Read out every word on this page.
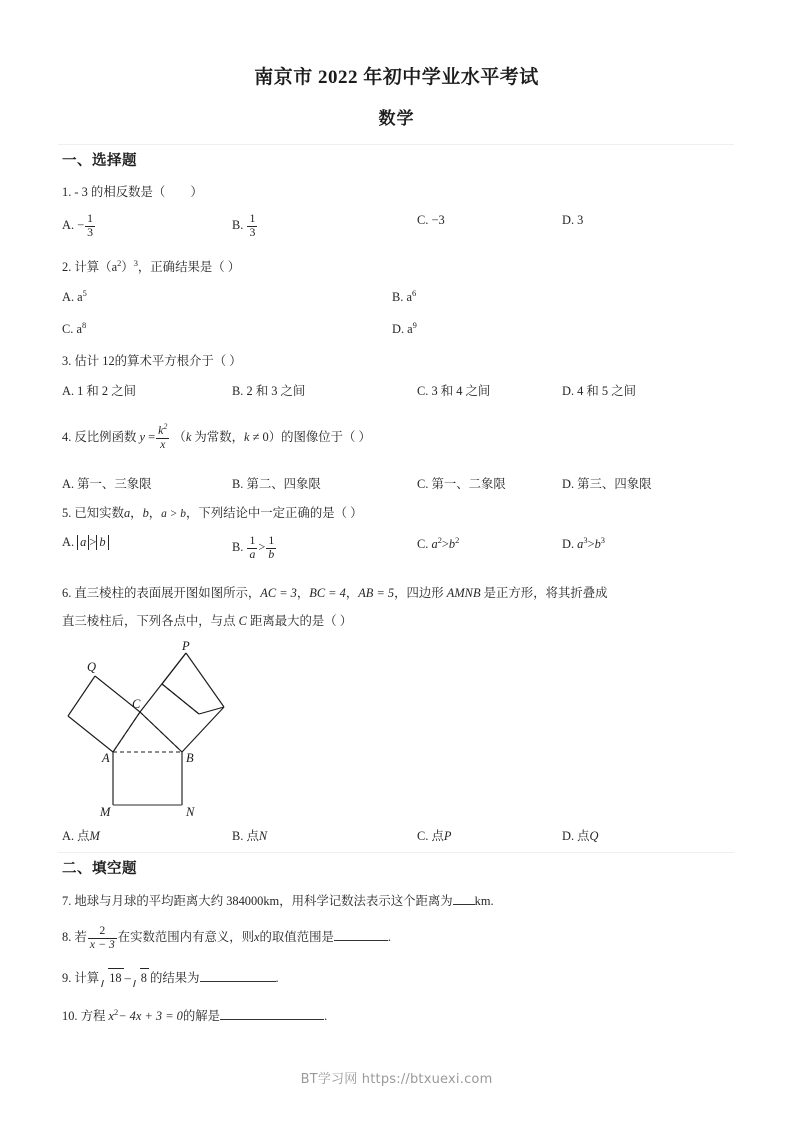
南京市 2022 年初中学业水平考试
数学
一、选择题
1. - 3 的相反数是（ ）
A. − $\frac{1}{3}$	B. $\frac{1}{3}$	C. −3	D. 3
2. 计算$(a^2)^3$，正确结果是（ ）
A. $a^5$	B. $a^6$
C. $a^8$	D. $a^9$
3. 估计 12的算术平方根介于（ ）
A. 1 和 2 之间	B. 2 和 3 之间	C. 3 和 4 之间	D. 4 和 5 之间
4. 反比例函数 $y = \frac{k^2}{x} (k$ 为常数，k ≠ 0）的图像位于（ ）
A. 第一、三象限	B. 第二、四象限	C. 第一、二象限	D. 第三、四象限
5. 已知实数a，b，a > b，下列结论中一定正确的是（ ）
A. a > b	B. $\frac{1}{a} > \frac{1}{b}$	C. $a^2>b^2$	D. $a^3>b^3$
6. 直三棱柱的表面展开图如图所示，AC = 3，BC = 4，AB = 5，四边形 AMNB 是正方形，将其折叠成
直三棱柱后，下列各点中，与点 C 距离最大的是（ ）
P
Q
C
A	B
M	N
A. 点M	B. 点N	C. 点P	D. 点Q
二、填空题
7. 地球与月球的平均距离大约 384000km，用科学记数法表示这个距离为 km.
8. 若 $\frac{2}{x - 3}$ 在实数范围内有意义，则x的取值范围是	.
9. 计算 18 – 8 的结果为	.
10. 方程 $x^2- 4x + 3 = 0$的解是	.
BT学习网 https://btxuexi.com
